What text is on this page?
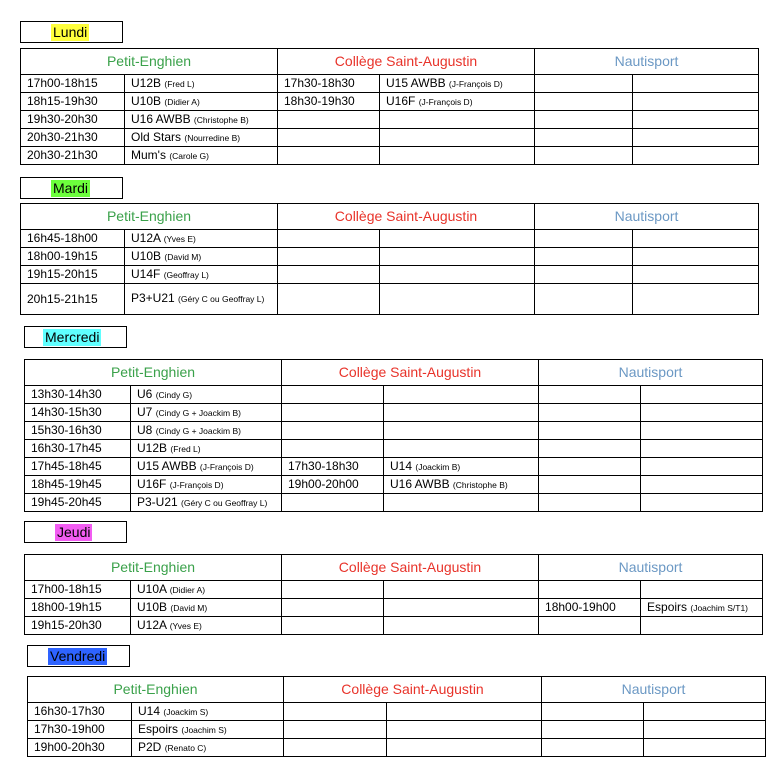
Lundi
Petit-Enghien		Collège Saint-Augustin		Nautisport	
17h00-18h15	U12B (Fred L)	17h30-18h30	U15 AWBB (J-François D)		
18h15-19h30	U10B (Didier A)	18h30-19h30	U16F (J-François D)		
19h30-20h30	U16 AWBB (Christophe B)				
20h30-21h30	Old Stars (Nourredine B)				
20h30-21h30	Mum's (Carole G)				
Mardi
Petit-Enghien		Collège Saint-Augustin		Nautisport	
16h45-18h00	U12A (Yves E)				
18h00-19h15	U10B (David M)				
19h15-20h15	U14F (Geoffray L)				
20h15-21h15	P3+U21 (Géry C ou Geoffray L)				
Mercredi
Petit-Enghien		Collège Saint-Augustin		Nautisport	
13h30-14h30	U6 (Cindy G)				
14h30-15h30	U7 (Cindy G + Joackim B)				
15h30-16h30	U8 (Cindy G + Joackim B)				
16h30-17h45	U12B (Fred L)				
17h45-18h45	U15 AWBB (J-François D)	17h30-18h30	U14 (Joackim B)		
18h45-19h45	U16F (J-François D)	19h00-20h00	U16 AWBB (Christophe B)		
19h45-20h45	P3-U21 (Géry C ou Geoffray L)				
Jeudi
Petit-Enghien		Collège Saint-Augustin		Nautisport	
17h00-18h15	U10A (Didier A)				
18h00-19h15	U10B (David M)			18h00-19h00	Espoirs (Joachim S/T1)
19h15-20h30	U12A (Yves E)				
Vendredi
Petit-Enghien		Collège Saint-Augustin		Nautisport	
16h30-17h30	U14 (Joackim S)				
17h30-19h00	Espoirs (Joachim S)				
19h00-20h30	P2D (Renato C)				
